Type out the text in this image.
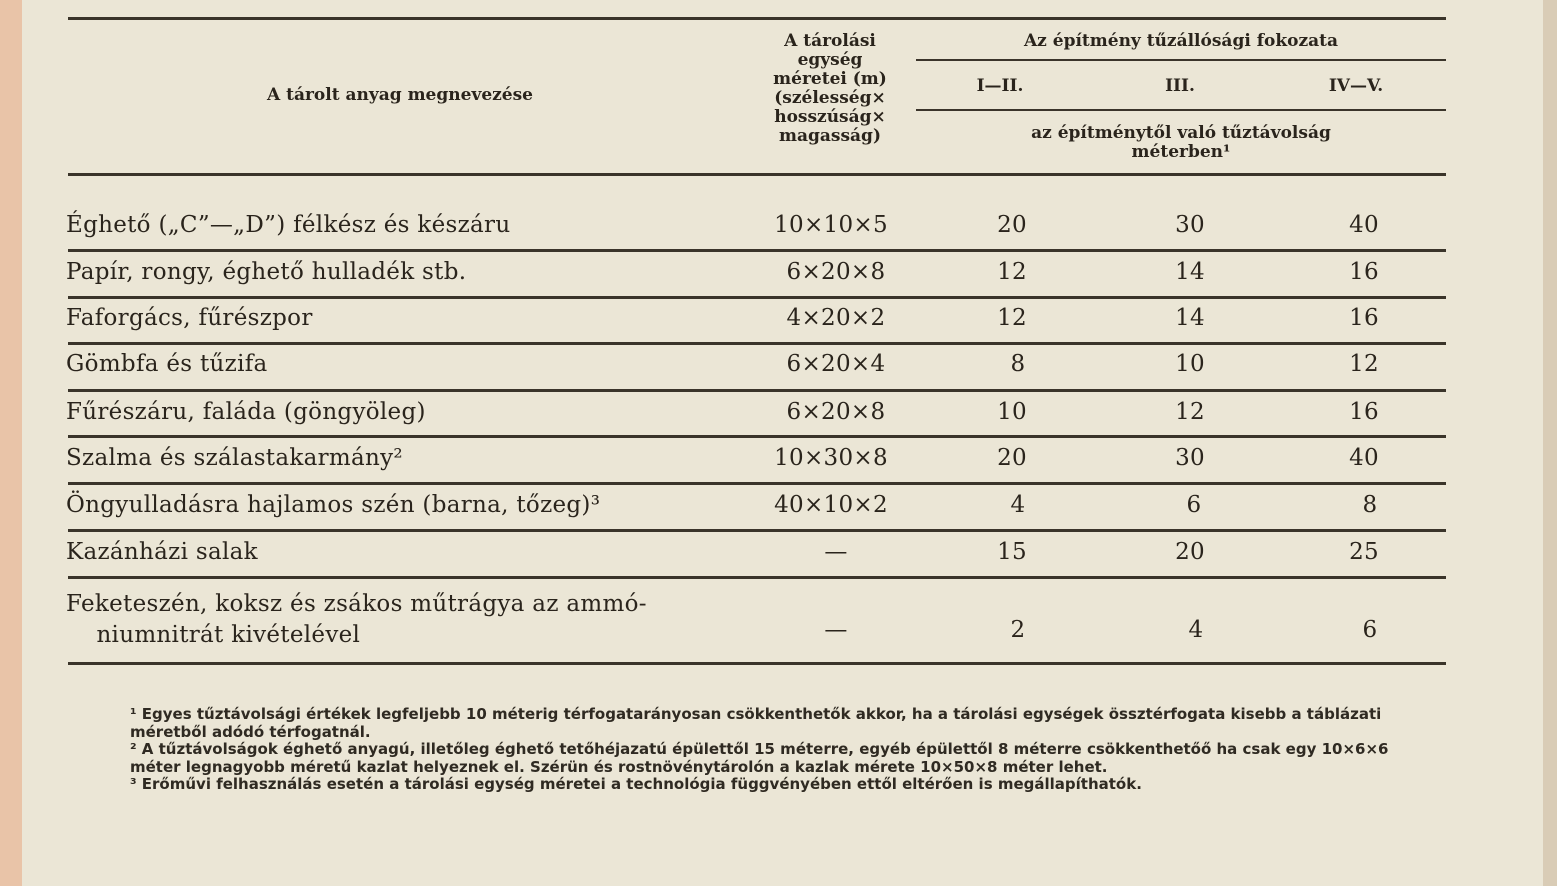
A tárolt anyag megnevezése
A tárolási
egység
méretei (m)
(szélesség×
hosszúság×
magasság)
Az építmény tűzállósági fokozata
I—II.	III.	IV—V.
az építménytől való tűztávolság
méterben¹
Éghető („C”—„D”) félkész és készáru	10×10×5	20	30	40
Papír, rongy, éghető hulladék stb.	6×20×8	12	14	16
Faforgács, fűrészpor	4×20×2	12	14	16
Gömbfa és tűzifa	6×20×4	8	10	12
Fűrészáru, faláda (göngyöleg)	6×20×8	10	12	16
Szalma és szálastakarmány²	10×30×8	20	30	40
Öngyulladásra hajlamos szén (barna, tőzeg)³	40×10×2	4	6	8
Kazánházi salak	—	15	20	25
Feketeszén, koksz és zsákos műtrágya az ammó-
niumnitrát kivételével	—	2	4	6

¹ Egyes tűztávolsági értékek legfeljebb 10 méterig térfogatarányosan csökkenthetők akkor, ha a tárolási egységek össztérfogata kisebb a táblázati méretből adódó térfogatnál.

² A tűztávolságok éghető anyagú, illetőleg éghető tetőhéjazatú épülettől 15 méterre, egyéb épülettől 8 méterre csökkenthetőő ha csak egy 10×6×6 méter legnagyobb méretű kazlat helyeznek el. Szérün és rostnövénytárolón a kazlak mérete 10×50×8 méter lehet.

³ Erőművi felhasználás esetén a tárolási egység méretei a technológia függvényében ettől eltérően is megállapíthatók.
